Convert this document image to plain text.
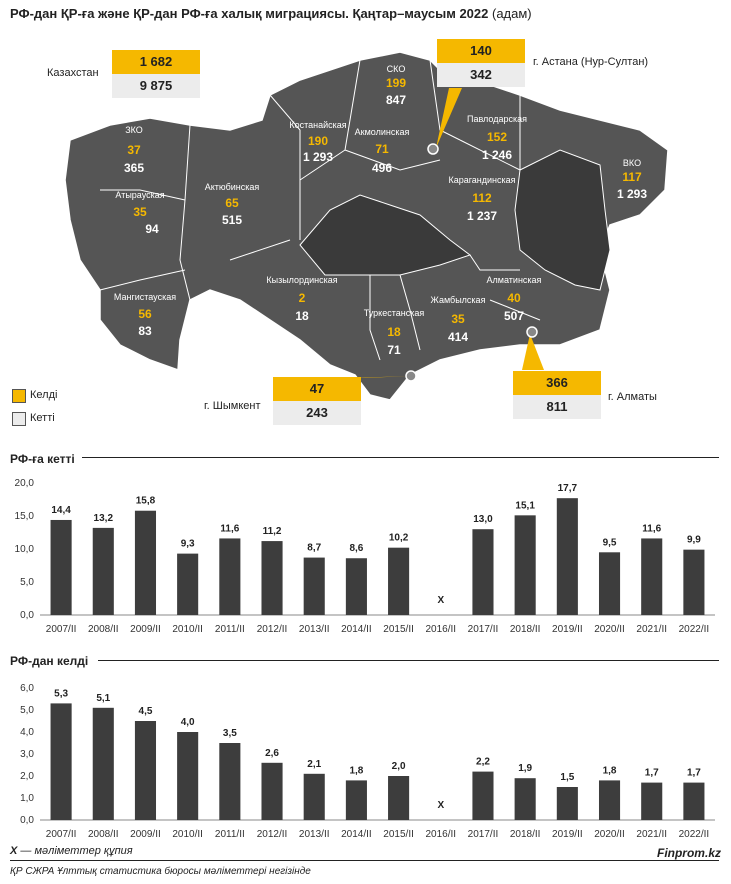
РФ-дан ҚР-ға және ҚР-дан РФ-ға халық миграциясы. Қаңтар–маусым 2022 (адам)
СКО
199
847
ЗКО
37
365
Костанайская
190
1 293
Акмолинская
71
496
Павлодарская
152
1 246
ВКО
117
1 293
Атырауская
35
94
Актюбинская
65
515
Карагандинская
112
1 237
Кызылординская
2
18
Мангистауская
56
83
Алматинская
40
507
Жамбылская
35
414
Туркестанская
18
71
Казахстан
1 682
9 875
140
342
г. Астана (Нур-Султан)
г. Шымкент
47
243
366
811
г. Алматы
Келді
Кетті
РФ-ға кетті
0,0
5,0
10,0
15,0
20,0
14,4
2007/II
13,2
2008/II
15,8
2009/II
9,3
2010/II
11,6
2011/II
11,2
2012/II
8,7
2013/II
8,6
2014/II
10,2
2015/II
X
2016/II
13,0
2017/II
15,1
2018/II
17,7
2019/II
9,5
2020/II
11,6
2021/II
9,9
2022/II
РФ-дан келді
0,0
1,0
2,0
3,0
4,0
5,0
6,0 5,3
2007/II
5,1
2008/II
4,5
2009/II
4,0
2010/II
3,5
2011/II
2,6
2012/II
2,1
2013/II
1,8
2014/II
2,0
2015/II
X
2016/II
2,2
2017/II
1,9
2018/II
1,5
2019/II
1,8
2020/II
1,7
2021/II
1,7
2022/II
X — мәліметтер құпия	Finprom.kz
ҚР СЖРА Ұлттық статистика бюросы мәліметтері негізінде
